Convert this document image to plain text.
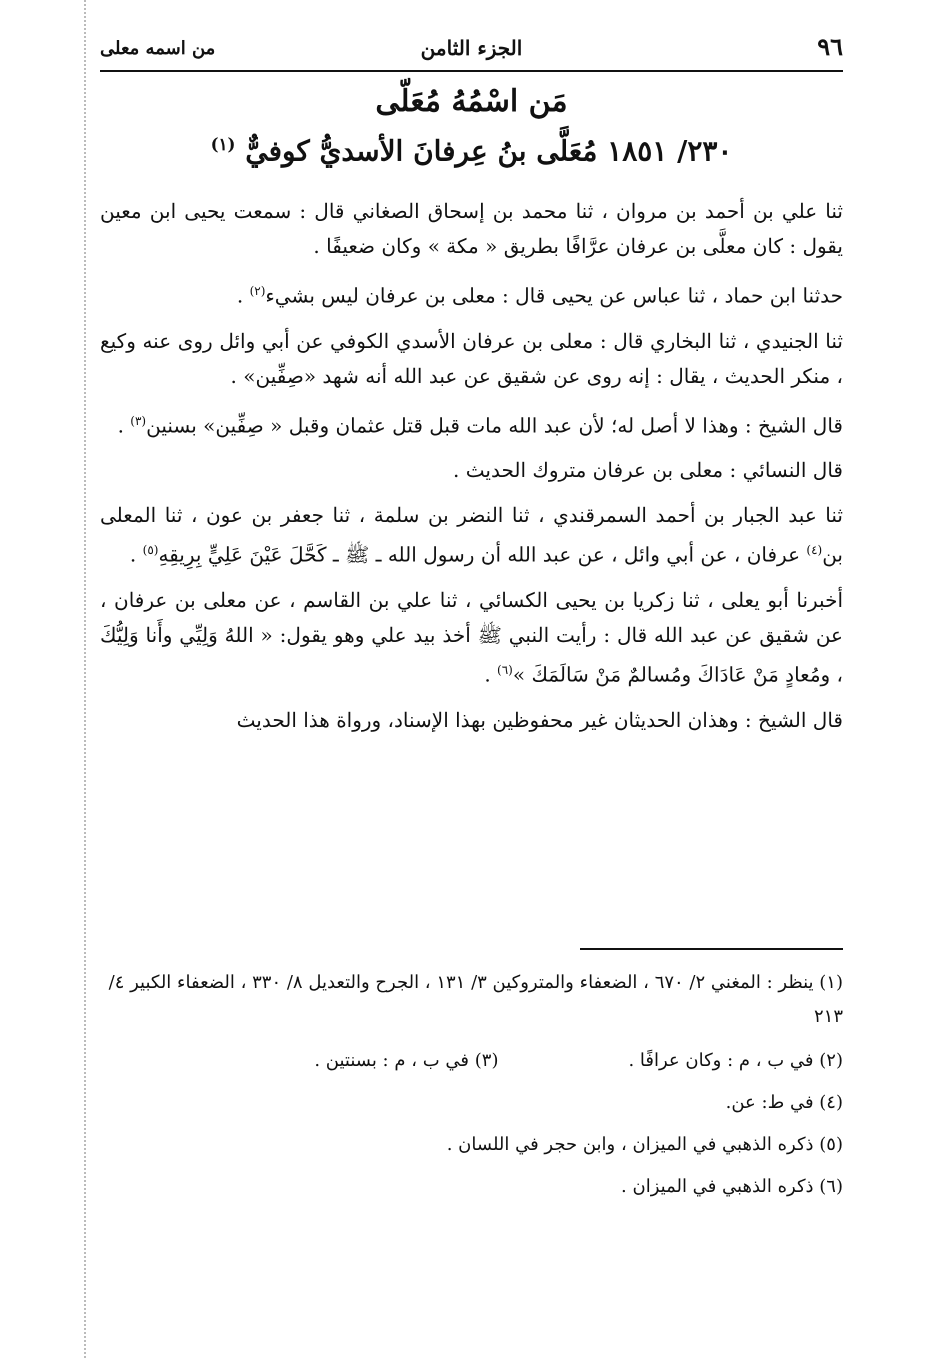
٩٦
الجزء الثامن
من اسمه معلى
مَن اسْمُهُ مُعَلّى
٢٣٠/ ١٨٥١ مُعَلَّى بنُ عِرفانَ الأسديُّ كوفيٌّ $^{(١)}$

ثنا علي بن أحمد بن مروان ، ثنا محمد بن إسحاق الصغاني قال : سمعت يحيى ابن معين يقول : كان معلَّى بن عرفان عرَّافًا بطريق « مكة » وكان ضعيفًا .

حدثنا ابن حماد ، ثنا عباس عن يحيى قال : معلى بن عرفان ليس بشيء$^{(٢)}$ .

ثنا الجنيدي ، ثنا البخاري قال : معلى بن عرفان الأسدي الكوفي عن أبي وائل روى عنه وكيع ، منكر الحديث ، يقال : إنه روى عن شقيق عن عبد الله أنه شهد «صِفِّين» .

قال الشيخ : وهذا لا أصل له؛ لأن عبد الله مات قبل قتل عثمان وقبل « صِفِّين» بسنين$^{(٣)}$ .

قال النسائي : معلى بن عرفان متروك الحديث .

ثنا عبد الجبار بن أحمد السمرقندي ، ثنا النضر بن سلمة ، ثنا جعفر بن عون ، ثنا المعلى بن$^{(٤)}$ عرفان ، عن أبي وائل ، عن عبد الله أن رسول الله ـ ﷺ ـ كَحَّلَ عَيْنَ عَلِيٍّ بِرِيقِهِ$^{(٥)}$ .

أخبرنا أبو يعلى ، ثنا زكريا بن يحيى الكسائي ، ثنا علي بن القاسم ، عن معلى بن عرفان ، عن شقيق عن عبد الله قال : رأيت النبي ﷺ أخذ بيد علي وهو يقول: « اللهُ وَلِيِّي وأَنا وَلِيُّكَ ، ومُعادٍ مَنْ عَادَاكَ ومُسالمٌ مَنْ سَالَمَكَ »$^{(٦)}$ .

قال الشيخ : وهذان الحديثان غير محفوظين بهذا الإسناد، ورواة هذا الحديث

(١) ينظر : المغني ٢/ ٦٧٠ ، الضعفاء والمتروكين ٣/ ١٣١ ، الجرح والتعديل ٨/ ٣٣٠ ، الضعفاء الكبير ٤/ ٢١٣
(٢) في ب ، م : وكان عرافًا .
(٣) في ب ، م : بسنتين .
(٤) في ط: عن.
(٥) ذكره الذهبي في الميزان ، وابن حجر في اللسان .
(٦) ذكره الذهبي في الميزان .
